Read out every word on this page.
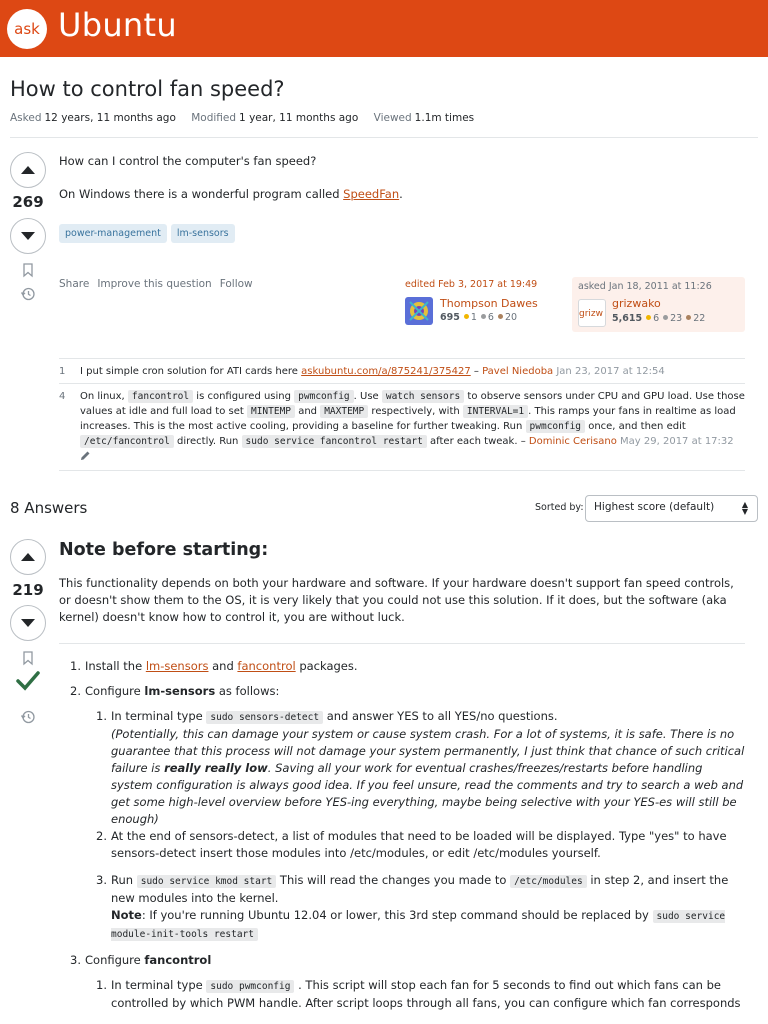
ask Ubuntu
How to control fan speed?
Asked 12 years, 11 months ago Modified 1 year, 11 months ago Viewed 1.1m times
269
How can I control the computer's fan speed?
On Windows there is a wonderful program called SpeedFan.
power-management lm-sensors
Share Improve this question Follow	edited Feb 3, 2017 at 19:49
Thompson Dawes
695 1 6 20
asked Jan 18, 2011 at 11:26
grizw
grizwako
5,615 6 23 22
1	I put simple cron solution for ATI cards here askubuntu.com/a/875241/375427 – Pavel Niedoba Jan 23, 2017 at 12:54
4	On linux, fancontrol is configured using pwmconfig . Use watch sensors to observe sensors under CPU and GPU load. Use those values at idle and full load to set MINTEMP and MAXTEMP respectively, with INTERVAL=1 . This ramps your fans in realtime as load increases. This is the most active cooling, providing a baseline for further tweaking. Run pwmconfig once, and then edit /etc/fancontrol directly. Run sudo service fancontrol restart after each tweak. – Dominic Cerisano May 29, 2017 at 17:32
8 Answers	Sorted by: Highest score (default)	▲
▼
219
Note before starting:
This functionality depends on both your hardware and software. If your hardware doesn't support fan speed controls, or doesn't show them to the OS, it is very likely that you could not use this solution. If it does, but the software (aka kernel) doesn't know how to control it, you are without luck.
1. Install the lm-sensors and fancontrol packages.
2. Configure lm-sensors as follows:
1. In terminal type sudo sensors-detect and answer YES to all YES/no questions.
(Potentially, this can damage your system or cause system crash. For a lot of systems, it is safe. There is no guarantee that this process will not damage your system permanently, I just think that chance of such critical failure is really really low. Saving all your work for eventual crashes/freezes/restarts before handling system configuration is always good idea. If you feel unsure, read the comments and try to search a web and get some high-level overview before YES-ing everything, maybe being selective with your YES-es will still be enough)
2. At the end of sensors-detect, a list of modules that need to be loaded will be displayed. Type "yes" to have sensors-detect insert those modules into /etc/modules, or edit /etc/modules yourself.
3. Run sudo service kmod start This will read the changes you made to /etc/modules in step 2, and insert the new modules into the kernel.
Note: If you're running Ubuntu 12.04 or lower, this 3rd step command should be replaced by sudo service module-init-tools restart
3. Configure fancontrol
1. In terminal type sudo pwmconfig . This script will stop each fan for 5 seconds to find out which fans can be controlled by which PWM handle. After script loops through all fans, you can configure which fan corresponds
